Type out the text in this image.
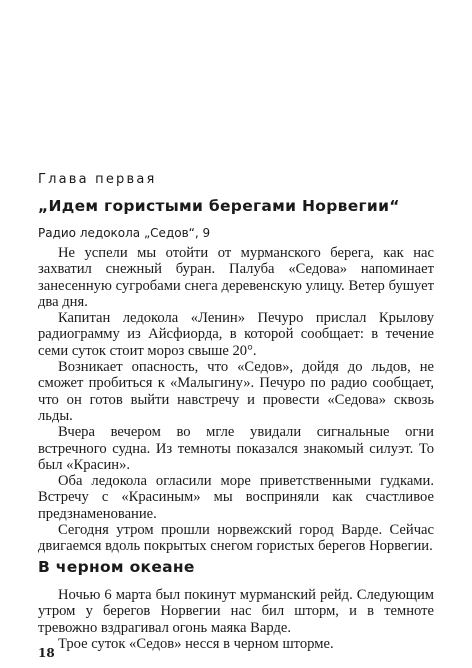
Глава первая
„Идем гористыми берегами Норвегии“
Радио ледокола „Седов“, 9

Не успели мы отойти от мурманского берега, как нас захватил снежный буран. Палуба «Седова» напоминает занесенную сугробами снега деревенскую улицу. Ветер бушует два дня.

Капитан ледокола «Ленин» Печуро прислал Крылову радиограмму из Айсфиорда, в которой сообщает: в течение семи суток стоит мороз свыше 20°.

Возникает опасность, что «Седов», дойдя до льдов, не сможет пробиться к «Малыгину». Печуро по радио сообщает, что он готов выйти навстречу и провести «Седова» сквозь льды.

Вчера вечером во мгле увидали сигнальные огни встречного судна. Из темноты показался знакомый силуэт. То был «Красин».

Оба ледокола огласили море приветственными гудками. Встречу с «Красиным» мы восприняли как счастливое предзнаменование.

Сегодня утром прошли норвежский город Варде. Сейчас двигаемся вдоль покрытых снегом гористых берегов Норвегии.

В черном океане

Ночью 6 марта был покинут мурманский рейд. Следующим утром у берегов Норвегии нас бил шторм, и в темноте тревожно вздрагивал огонь маяка Варде.

Трое суток «Седов» несся в черном шторме.

18
